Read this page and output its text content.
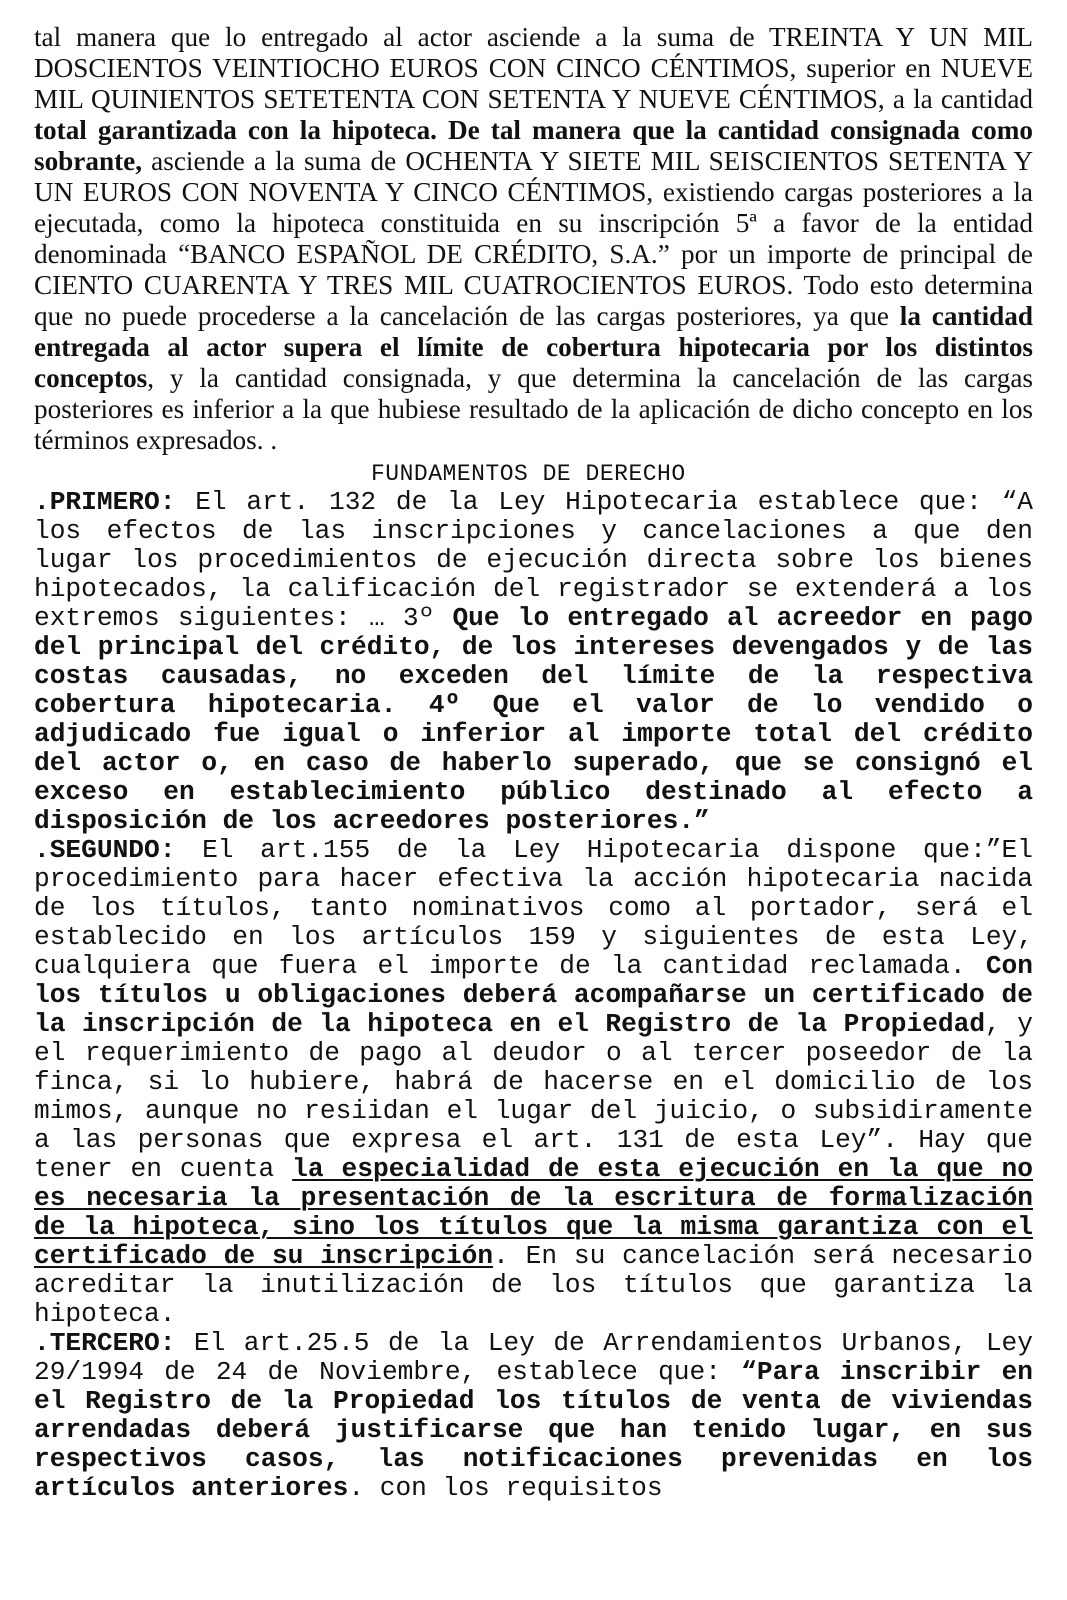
tal manera que lo entregado al actor asciende a la suma de TREINTA Y UN MIL DOSCIENTOS VEINTIOCHO EUROS CON CINCO CÉNTIMOS, superior en NUEVE MIL QUINIENTOS SETETENTA CON SETENTA Y NUEVE CÉNTIMOS, a la cantidad total garantizada con la hipoteca. De tal manera que la cantidad consignada como sobrante, asciende a la suma de OCHENTA Y SIETE MIL SEISCIENTOS SETENTA Y UN EUROS CON NOVENTA Y CINCO CÉNTIMOS, existiendo cargas posteriores a la ejecutada, como la hipoteca constituida en su inscripción 5ª a favor de la entidad denominada “BANCO ESPAÑOL DE CRÉDITO, S.A.” por un importe de principal de CIENTO CUARENTA Y TRES MIL CUATROCIENTOS EUROS. Todo esto determina que no puede procederse a la cancelación de las cargas posteriores, ya que la cantidad entregada al actor supera el límite de cobertura hipotecaria por los distintos conceptos, y la cantidad consignada, y que determina la cancelación de las cargas posteriores es inferior a la que hubiese resultado de la aplicación de dicho concepto en los términos expresados. .

FUNDAMENTOS DE DERECHO

.PRIMERO: El art. 132 de la Ley Hipotecaria establece que: “A los efectos de las inscripciones y cancelaciones a que den lugar los procedimientos de ejecución directa sobre los bienes hipotecados, la calificación del registrador se extenderá a los extremos siguientes: … 3º Que lo entregado al acreedor en pago del principal del crédito, de los intereses devengados y de las costas causadas, no exceden del límite de la respectiva cobertura hipotecaria. 4º Que el valor de lo vendido o adjudicado fue igual o inferior al importe total del crédito del actor o, en caso de haberlo superado, que se consignó el exceso en establecimiento público destinado al efecto a disposición de los acreedores posteriores.”

.SEGUNDO: El art.155 de la Ley Hipotecaria dispone que:”El procedimiento para hacer efectiva la acción hipotecaria nacida de los títulos, tanto nominativos como al portador, será el establecido en los artículos 159 y siguientes de esta Ley, cualquiera que fuera el importe de la cantidad reclamada. Con los títulos u obligaciones deberá acompañarse un certificado de la inscripción de la hipoteca en el Registro de la Propiedad, y el requerimiento de pago al deudor o al tercer poseedor de la finca, si lo hubiere, habrá de hacerse en el domicilio de los mimos, aunque no resiidan el lugar del juicio, o subsidiramente a las personas que expresa el art. 131 de esta Ley”. Hay que tener en cuenta la especialidad de esta ejecución en la que no es necesaria la presentación de la escritura de formalización de la hipoteca, sino los títulos que la misma garantiza con el certificado de su inscripción. En su cancelación será necesario acreditar la inutilización de los títulos que garantiza la hipoteca.

.TERCERO: El art.25.5 de la Ley de Arrendamientos Urbanos, Ley 29/1994 de 24 de Noviembre, establece que: “Para inscribir en el Registro de la Propiedad los títulos de venta de viviendas arrendadas deberá justificarse que han tenido lugar, en sus respectivos casos, las notificaciones prevenidas en los artículos anteriores. con los requisitos
